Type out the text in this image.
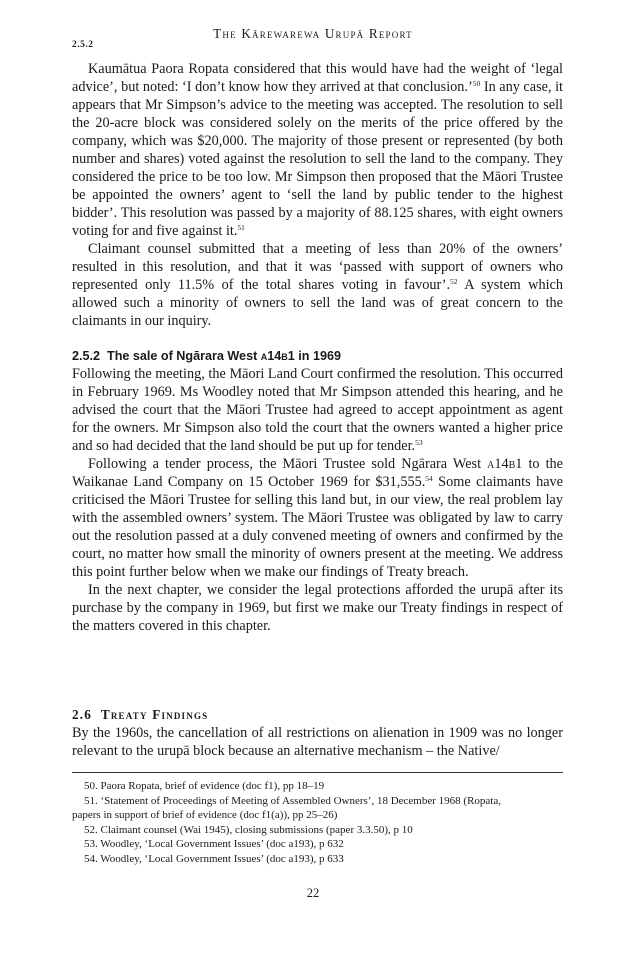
The Kārewarewa Urupā Report
2.5.2

Kaumātua Paora Ropata considered that this would have had the weight of ‘legal advice’, but noted: ‘I don’t know how they arrived at that conclusion.’$^{50}$ In any case, it appears that Mr Simpson’s advice to the meeting was accepted. The resolution to sell the 20-acre block was considered solely on the merits of the price offered by the company, which was $20,000. The majority of those present or represented (by both number and shares) voted against the resolution to sell the land to the company. They considered the price to be too low. Mr Simpson then proposed that the Māori Trustee be appointed the owners’ agent to ‘sell the land by public tender to the highest bidder’. This resolution was passed by a majority of 88.125 shares, with eight owners voting for and five against it.$^{51}$

Claimant counsel submitted that a meeting of less than 20% of the owners’ resulted in this resolution, and that it was ‘passed with support of owners who represented only 11.5% of the total shares voting in favour’.$^{52}$ A system which allowed such a minority of owners to sell the land was of great concern to the claimants in our inquiry.

2.5.2 The sale of Ngārara West a14b1 in 1969

Following the meeting, the Māori Land Court confirmed the resolution. This occurred in February 1969. Ms Woodley noted that Mr Simpson attended this hearing, and he advised the court that the Māori Trustee had agreed to accept appointment as agent for the owners. Mr Simpson also told the court that the owners wanted a higher price and so had decided that the land should be put up for tender.$^{53}$

Following a tender process, the Māori Trustee sold Ngārara West a14b1 to the Waikanae Land Company on 15 October 1969 for $31,555.54 Some claimants have criticised the Māori Trustee for selling this land but, in our view, the real problem lay with the assembled owners’ system. The Māori Trustee was obligated by law to carry out the resolution passed at a duly convened meeting of owners and confirmed by the court, no matter how small the minority of owners present at the meeting. We address this point further below when we make our findings of Treaty breach.

In the next chapter, we consider the legal protections afforded the urupā after its purchase by the company in 1969, but first we make our Treaty findings in respect of the matters covered in this chapter.

2.6 Treaty Findings

By the 1960s, the cancellation of all restrictions on alienation in 1909 was no longer relevant to the urupā block because an alternative mechanism – the Native/

50. Paora Ropata, brief of evidence (doc f1), pp 18–19
51. ‘Statement of Proceedings of Meeting of Assembled Owners’, 18 December 1968 (Ropata,
papers in support of brief of evidence (doc f1(a)), pp 25–26)
52. Claimant counsel (Wai 1945), closing submissions (paper 3.3.50), p 10
53. Woodley, ‘Local Government Issues’ (doc a193), p 632
54. Woodley, ‘Local Government Issues’ (doc a193), p 633
22
